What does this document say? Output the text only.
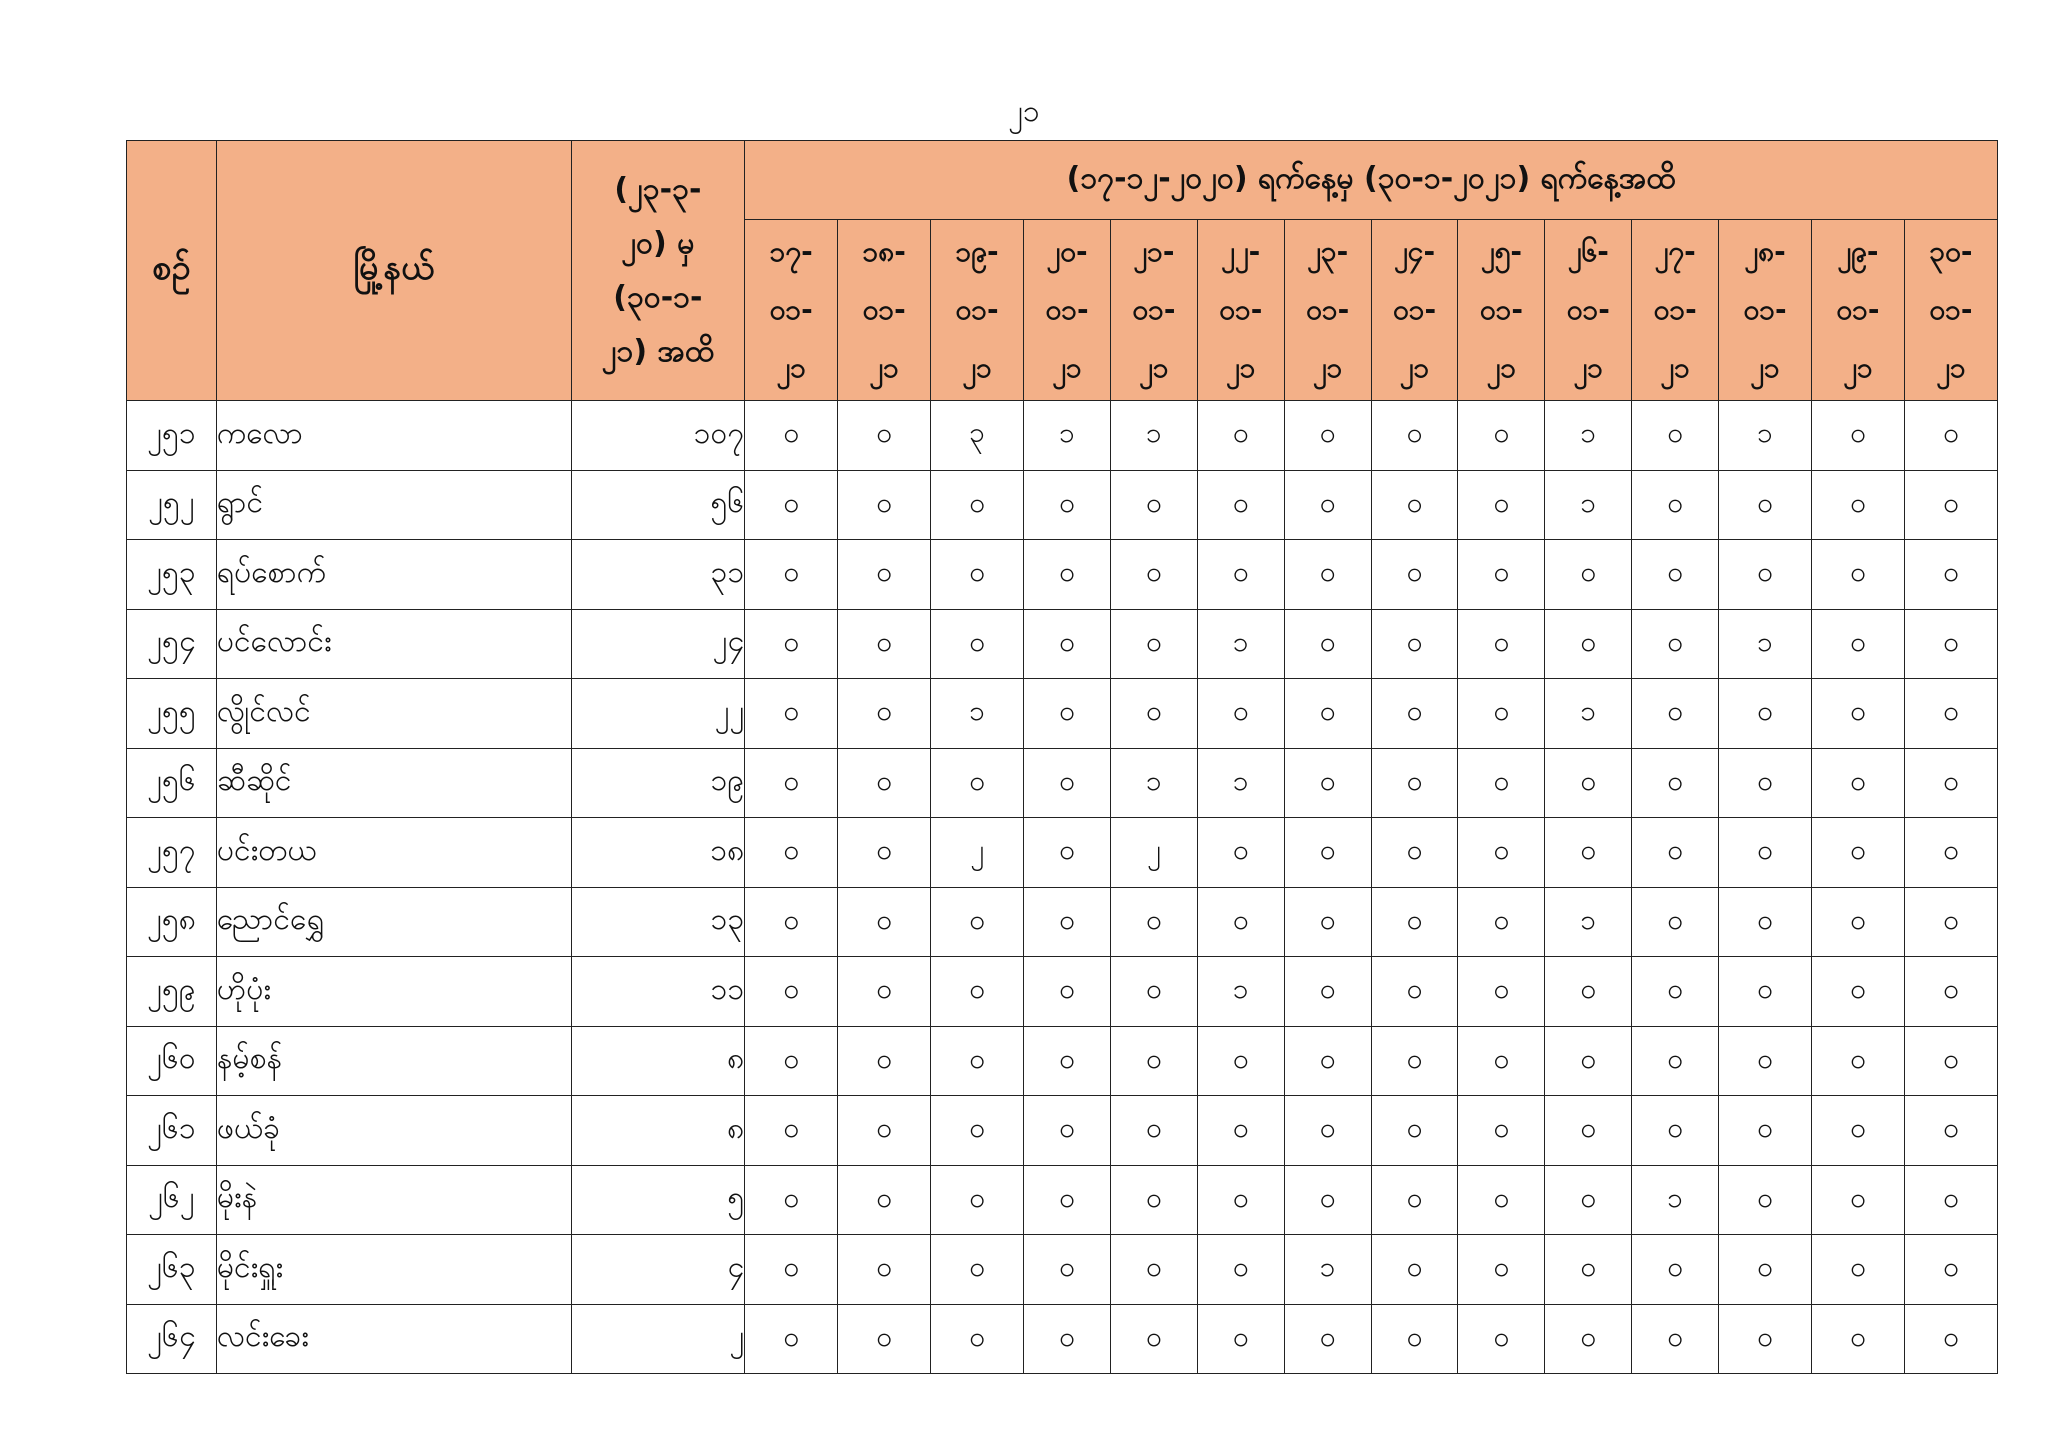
၂၁
စဉ်	မြို့နယ်	(၂၃-၃-
၂၀) မှ
(၃၀-၁-
၂၁) အထိ	(၁၇-၁၂-၂၀၂၀) ရက်နေ့မှ (၃၀-၁-၂၀၂၁) ရက်နေ့အထိ													

			၁၇-
၀၁-
၂၁	၁၈-
၀၁-
၂၁	၁၉-
၀၁-
၂၁	၂၀-
၀၁-
၂၁	၂၁-
၀၁-
၂၁	၂၂-
၀၁-
၂၁	၂၃-
၀၁-
၂၁	၂၄-
၀၁-
၂၁	၂၅-
၀၁-
၂၁	၂၆-
၀၁-
၂၁	၂၇-
၀၁-
၂၁	၂၈-
၀၁-
၂၁	၂၉-
၀၁-
၂၁	၃၀-
၀၁-
၂၁

၂၅၁	ကလော	၁၀၇	၀	၀	၃	၁	၁	၀	၀	၀	၀	၁	၀	၁	၀	၀
၂၅၂	ရွာင်	၅၆	၀	၀	၀	၀	၀	၀	၀	၀	၀	၁	၀	၀	၀	၀
၂၅၃	ရပ်စောက်	၃၁	၀	၀	၀	၀	၀	၀	၀	၀	၀	၀	၀	၀	၀	၀
၂၅၄	ပင်လောင်း	၂၄	၀	၀	၀	၀	၀	၁	၀	၀	၀	၀	၀	၁	၀	၀
၂၅၅	လွိုင်လင်	၂၂	၀	၀	၁	၀	၀	၀	၀	၀	၀	၁	၀	၀	၀	၀
၂၅၆	ဆီဆိုင်	၁၉	၀	၀	၀	၀	၁	၁	၀	၀	၀	၀	၀	၀	၀	၀
၂၅၇	ပင်းတယ	၁၈	၀	၀	၂	၀	၂	၀	၀	၀	၀	၀	၀	၀	၀	၀
၂၅၈	ညောင်ရွှေ	၁၃	၀	၀	၀	၀	၀	၀	၀	၀	၀	၁	၀	၀	၀	၀
၂၅၉	ဟိုပုံး	၁၁	၀	၀	၀	၀	၀	၁	၀	၀	၀	၀	၀	၀	၀	၀
၂၆၀	နမ့်စန်	၈	၀	၀	၀	၀	၀	၀	၀	၀	၀	၀	၀	၀	၀	၀
၂၆၁	ဖယ်ခုံ	၈	၀	၀	၀	၀	၀	၀	၀	၀	၀	၀	၀	၀	၀	၀
၂၆၂	မိုးနဲ	၅	၀	၀	၀	၀	၀	၀	၀	၀	၀	၀	၁	၀	၀	၀
၂၆၃	မိုင်းရှူး	၄	၀	၀	၀	၀	၀	၀	၁	၀	၀	၀	၀	၀	၀	၀
၂၆၄	လင်းခေး	၂	၀	၀	၀	၀	၀	၀	၀	၀	၀	၀	၀	၀	၀	၀
